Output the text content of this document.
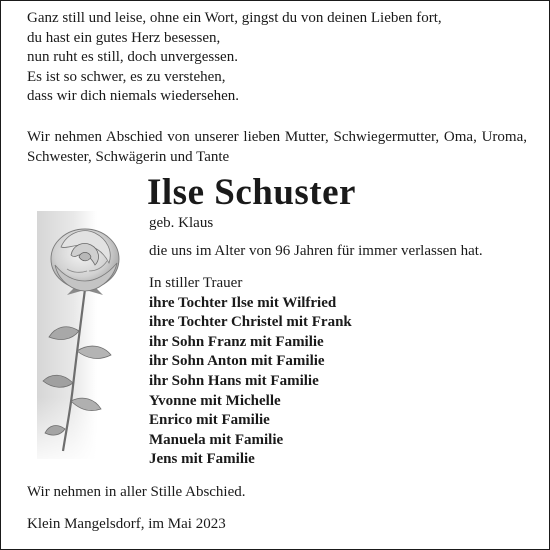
Ganz still und leise, ohne ein Wort, gingst du von deinen Lieben fort,
du hast ein gutes Herz besessen,
nun ruht es still, doch unvergessen.
Es ist so schwer, es zu verstehen,
dass wir dich niemals wiedersehen.
Wir nehmen Abschied von unserer lieben Mutter, Schwiegermutter, Oma, Uroma, Schwester, Schwägerin und Tante
Ilse Schuster
geb. Klaus
die uns im Alter von 96 Jahren für immer verlassen hat.
In stiller Trauer
ihre Tochter Ilse mit Wilfried
ihre Tochter Christel mit Frank
ihr Sohn Franz mit Familie
ihr Sohn Anton mit Familie
ihr Sohn Hans mit Familie
Yvonne mit Michelle
Enrico mit Familie
Manuela mit Familie
Jens mit Familie
Wir nehmen in aller Stille Abschied.
Klein Mangelsdorf, im Mai 2023
